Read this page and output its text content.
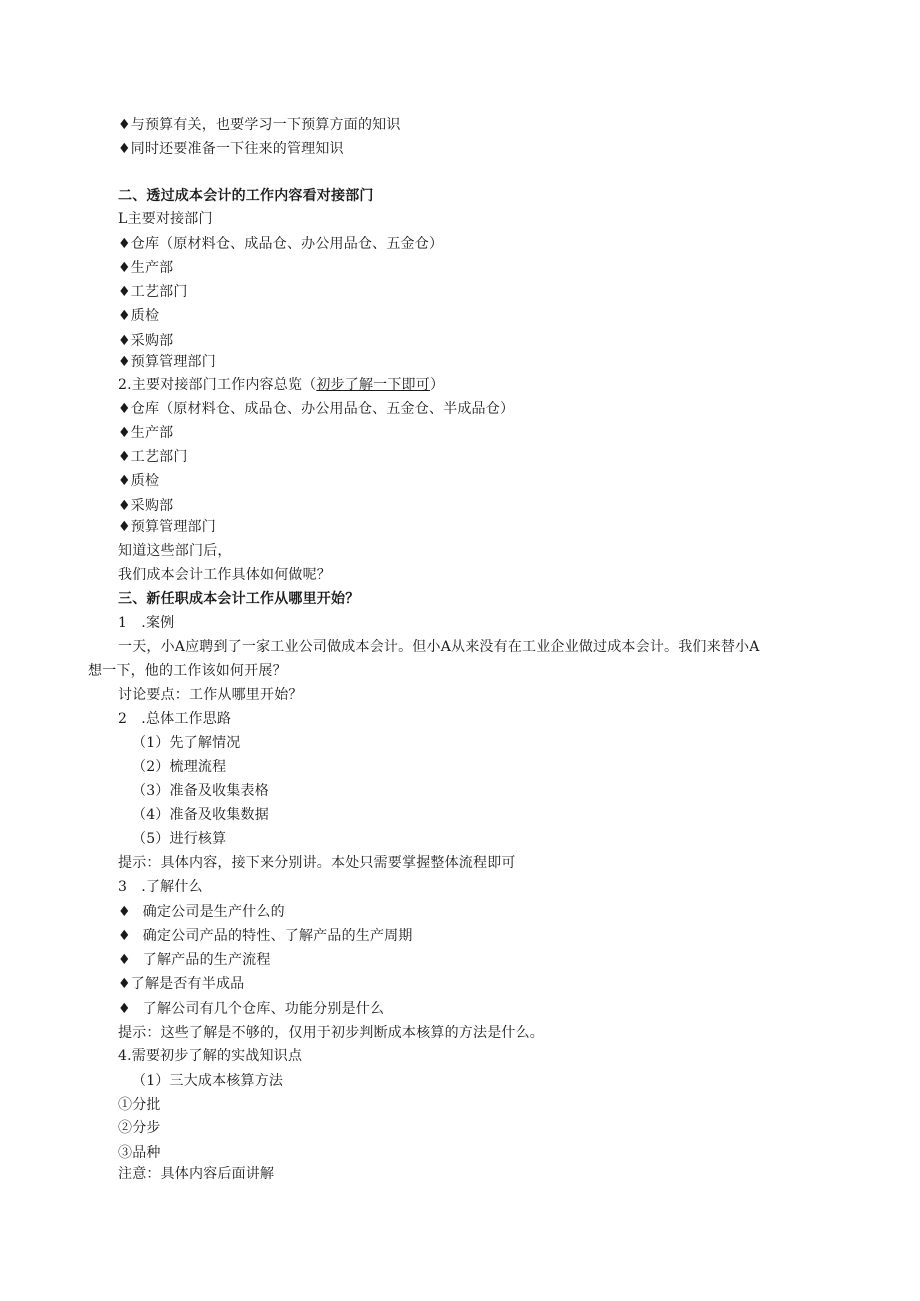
♦与预算有关，也要学习一下预算方面的知识
♦同时还要准备一下往来的管理知识
二、透过成本会计的工作内容看对接部门
L主要对接部门
♦仓库（原材料仓、成品仓、办公用品仓、五金仓）
♦生产部
♦工艺部门
♦质检
♦采购部
♦预算管理部门
2.主要对接部门工作内容总览（初步了解一下即可）
♦仓库（原材料仓、成品仓、办公用品仓、五金仓、半成品仓）
♦生产部
♦工艺部门
♦质检
♦采购部
♦预算管理部门
知道这些部门后，
我们成本会计工作具体如何做呢？
三、新任职成本会计工作从哪里开始？
1　.案例
一天，小A应聘到了一家工业公司做成本会计。但小A从来没有在工业企业做过成本会计。我们来替小A
想一下，他的工作该如何开展？
讨论要点：工作从哪里开始？
2　.总体工作思路
（1）先了解情况
（2）梳理流程
（3）准备及收集表格
（4）准备及收集数据
（5）进行核算
提示：具体内容，接下来分别讲。本处只需要掌握整体流程即可
3　.了解什么
♦ 确定公司是生产什么的
♦ 确定公司产品的特性、了解产品的生产周期
♦ 了解产品的生产流程
♦了解是否有半成品
♦ 了解公司有几个仓库、功能分别是什么
提示：这些了解是不够的，仅用于初步判断成本核算的方法是什么。
4.需要初步了解的实战知识点
（1）三大成本核算方法
①分批
②分步
③品种
注意：具体内容后面讲解
